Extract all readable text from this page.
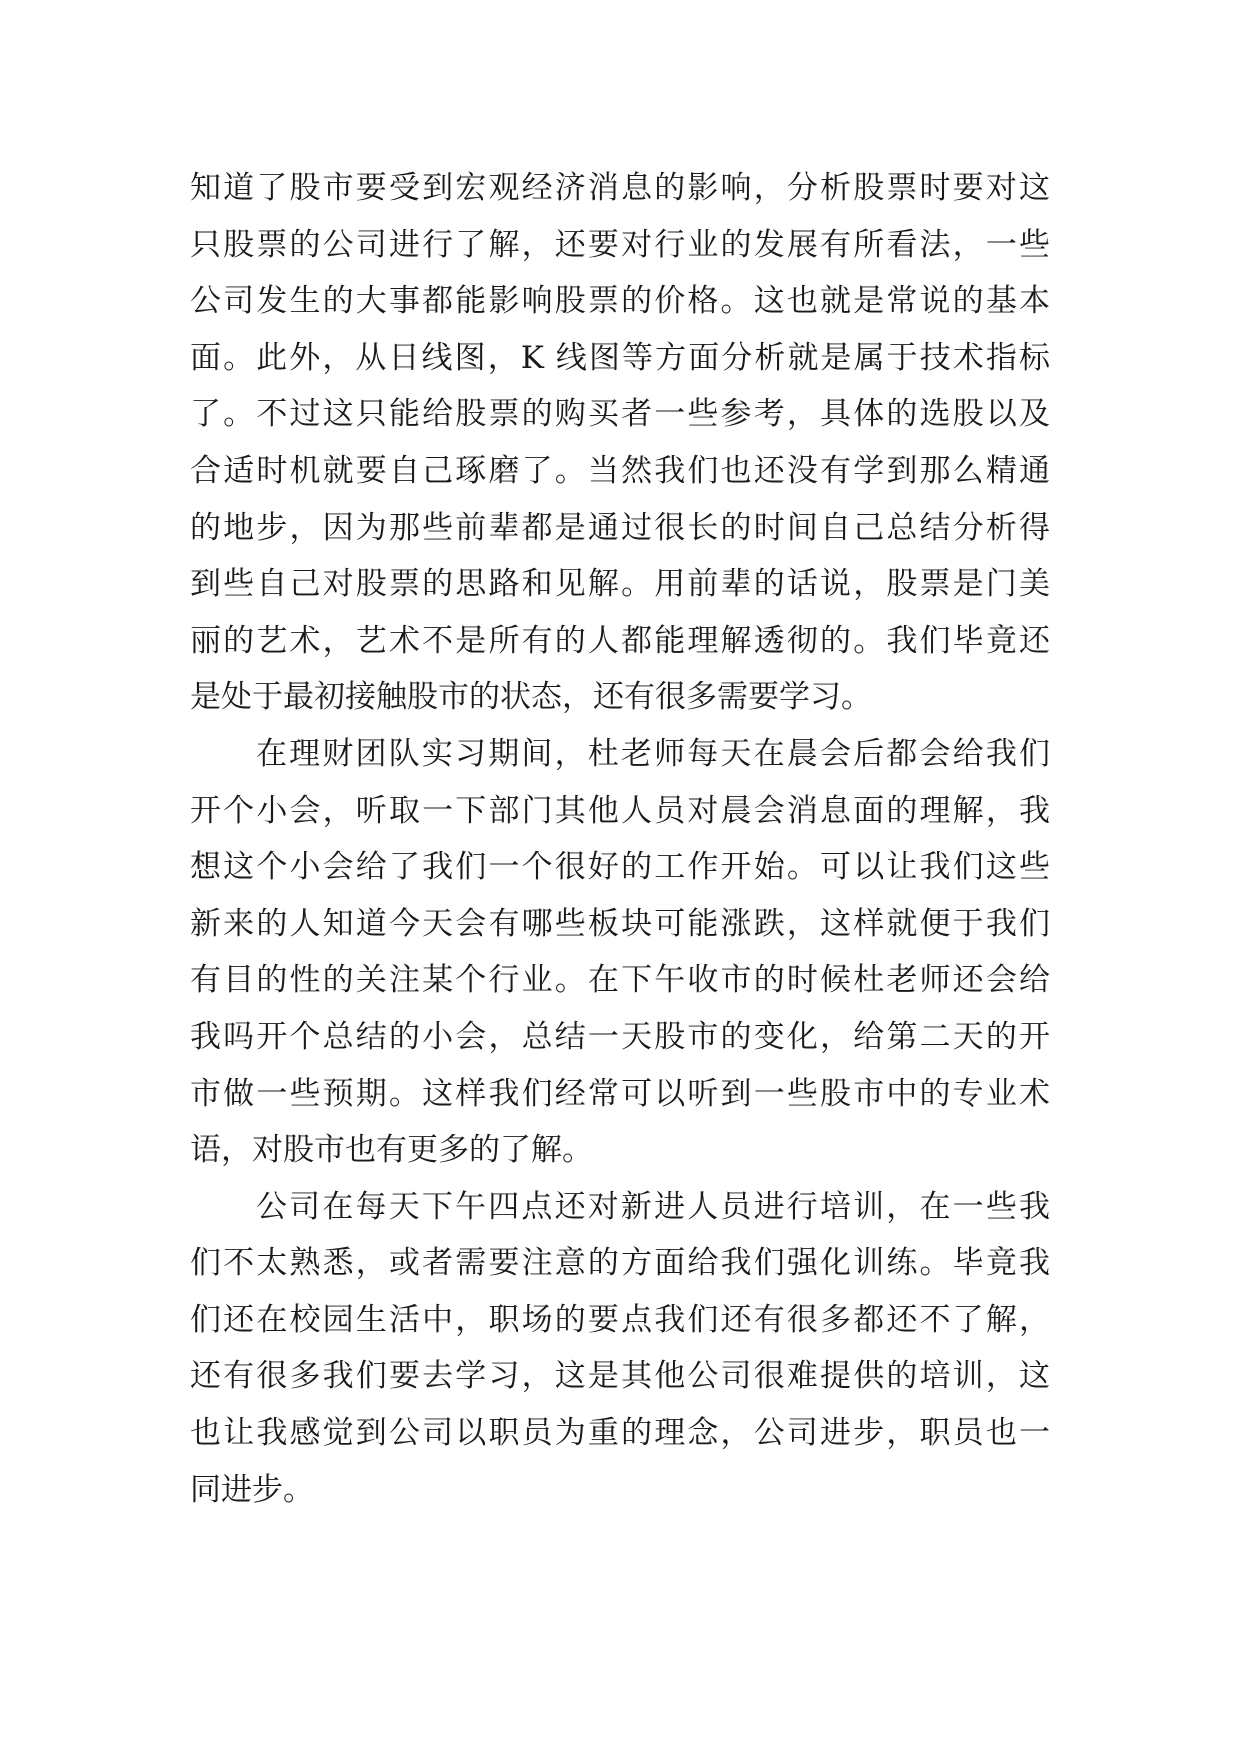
知道了股市要受到宏观经济消息的影响，分析股票时要对这
只股票的公司进行了解，还要对行业的发展有所看法，一些
公司发生的大事都能影响股票的价格。这也就是常说的基本
面。此外，从日线图，K 线图等方面分析就是属于技术指标
了。不过这只能给股票的购买者一些参考，具体的选股以及
合适时机就要自己琢磨了。当然我们也还没有学到那么精通
的地步，因为那些前辈都是通过很长的时间自己总结分析得
到些自己对股票的思路和见解。用前辈的话说，股票是门美
丽的艺术，艺术不是所有的人都能理解透彻的。我们毕竟还
是处于最初接触股市的状态，还有很多需要学习。
在理财团队实习期间，杜老师每天在晨会后都会给我们
开个小会，听取一下部门其他人员对晨会消息面的理解，我
想这个小会给了我们一个很好的工作开始。可以让我们这些
新来的人知道今天会有哪些板块可能涨跌，这样就便于我们
有目的性的关注某个行业。在下午收市的时候杜老师还会给
我吗开个总结的小会，总结一天股市的变化，给第二天的开
市做一些预期。这样我们经常可以听到一些股市中的专业术
语，对股市也有更多的了解。
公司在每天下午四点还对新进人员进行培训，在一些我
们不太熟悉，或者需要注意的方面给我们强化训练。毕竟我
们还在校园生活中，职场的要点我们还有很多都还不了解，
还有很多我们要去学习，这是其他公司很难提供的培训，这
也让我感觉到公司以职员为重的理念，公司进步，职员也一
同进步。
